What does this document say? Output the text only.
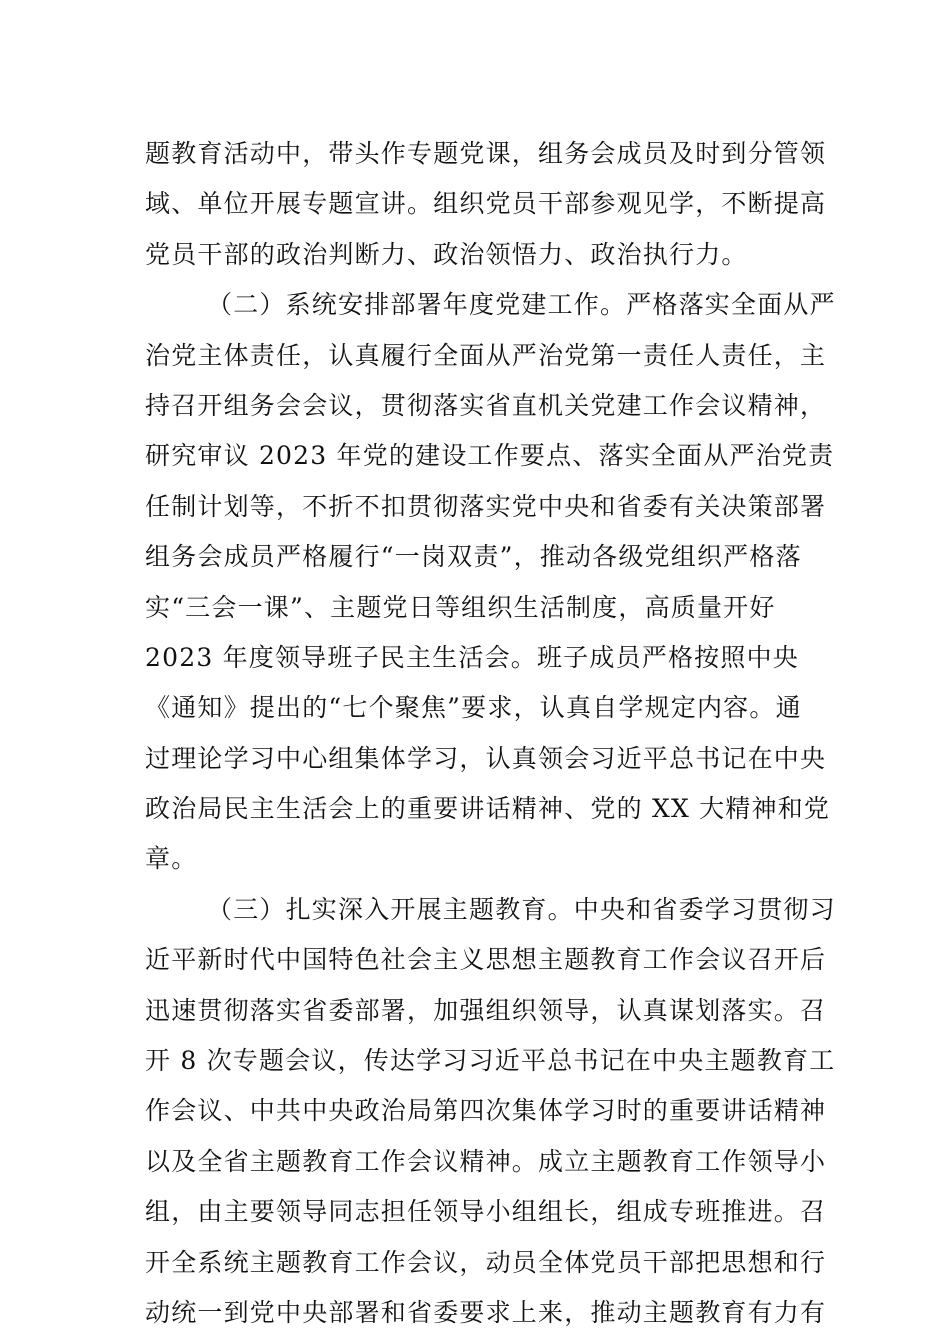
题教育活动中，带头作专题党课，组务会成员及时到分管领
域、单位开展专题宣讲。组织党员干部参观见学，不断提高
党员干部的政治判断力、政治领悟力、政治执行力。
（二）系统安排部署年度党建工作。严格落实全面从严
治党主体责任，认真履行全面从严治党第一责任人责任，主
持召开组务会会议，贯彻落实省直机关党建工作会议精神，
研究审议 2023 年党的建设工作要点、落实全面从严治党责
任制计划等，不折不扣贯彻落实党中央和省委有关决策部署
组务会成员严格履行“一岗双责”，推动各级党组织严格落
实“三会一课”、主题党日等组织生活制度，高质量开好
2023 年度领导班子民主生活会。班子成员严格按照中央
《通知》提出的“七个聚焦”要求，认真自学规定内容。通
过理论学习中心组集体学习，认真领会习近平总书记在中央
政治局民主生活会上的重要讲话精神、党的 XX 大精神和党
章。
（三）扎实深入开展主题教育。中央和省委学习贯彻习
近平新时代中国特色社会主义思想主题教育工作会议召开后
迅速贯彻落实省委部署，加强组织领导，认真谋划落实。召
开 8 次专题会议，传达学习习近平总书记在中央主题教育工
作会议、中共中央政治局第四次集体学习时的重要讲话精神
以及全省主题教育工作会议精神。成立主题教育工作领导小
组，由主要领导同志担任领导小组组长，组成专班推进。召
开全系统主题教育工作会议，动员全体党员干部把思想和行
动统一到党中央部署和省委要求上来，推动主题教育有力有
